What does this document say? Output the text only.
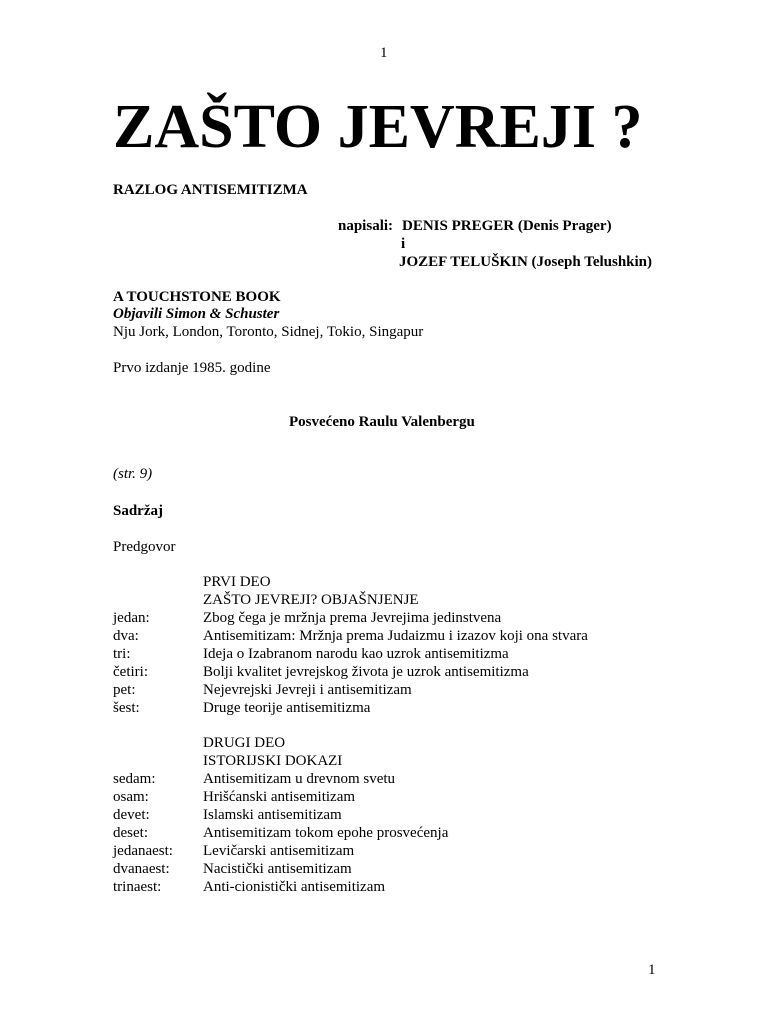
1
ZAŠTO JEVREJI ?
RAZLOG ANTISEMITIZMA
napisali: DENIS PREGER (Denis Prager)
i
JOZEF TELUŠKIN (Joseph Telushkin)
A TOUCHSTONE BOOK
Objavili Simon & Schuster
Nju Jork, London, Toronto, Sidnej, Tokio, Singapur
Prvo izdanje 1985. godine
Posvećeno Raulu Valenbergu
(str. 9)
Sadržaj
Predgovor
PRVI DEO
ZAŠTO JEVREJI? OBJAŠNJENJE
jedan:	Zbog čega je mržnja prema Jevrejima jedinstvena
dva:	Antisemitizam: Mržnja prema Judaizmu i izazov koji ona stvara
tri:	Ideja o Izabranom narodu kao uzrok antisemitizma
četiri:	Bolji kvalitet jevrejskog života je uzrok antisemitizma
pet:	Nejevrejski Jevreji i antisemitizam
šest:	Druge teorije antisemitizma
DRUGI DEO
ISTORIJSKI DOKAZI
sedam:	Antisemitizam u drevnom svetu
osam:	Hrišćanski antisemitizam
devet:	Islamski antisemitizam
deset:	Antisemitizam tokom epohe prosvećenja
jedanaest: Levičarski antisemitizam
dvanaest: Nacistički antisemitizam
trinaest:	Anti-cionistički antisemitizam
1
